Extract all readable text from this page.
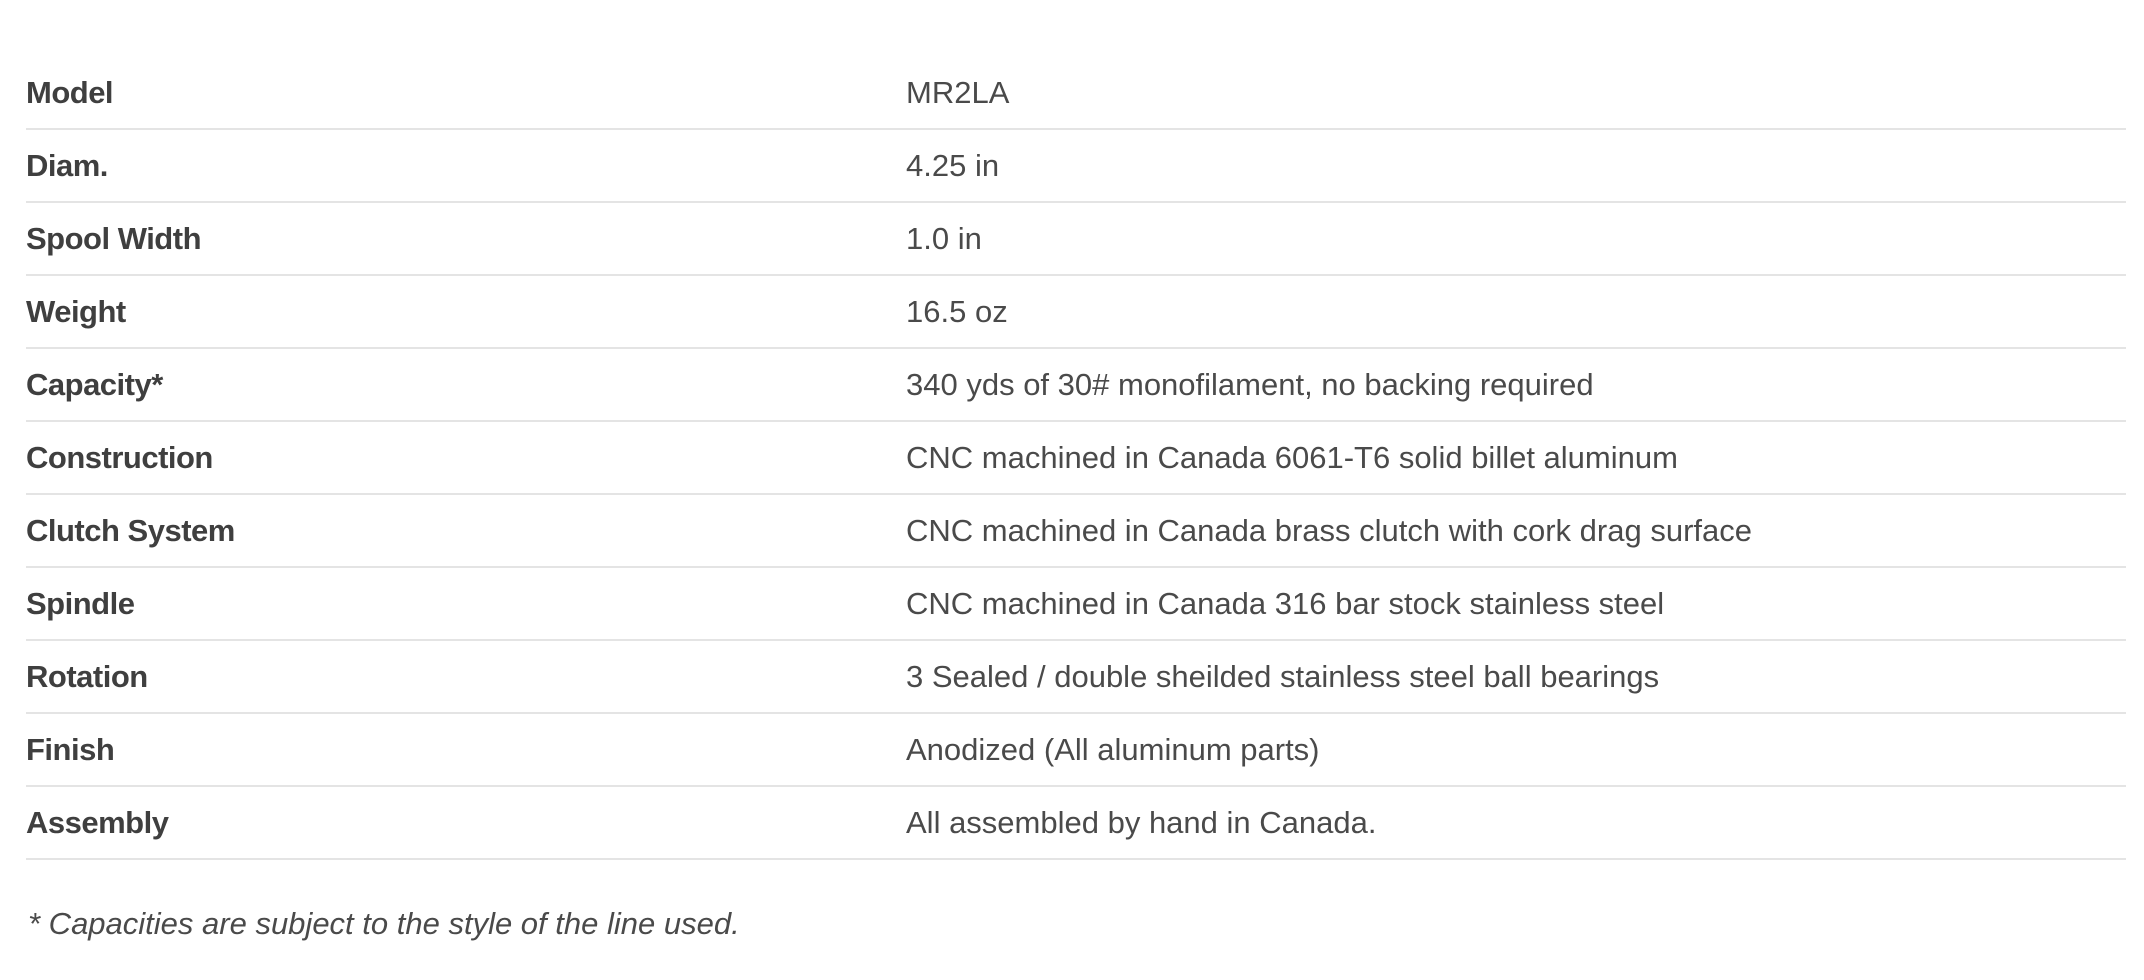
Model	MR2LA
Diam.	4.25 in
Spool Width	1.0 in
Weight	16.5 oz
Capacity*	340 yds of 30# monofilament, no backing required
Construction	CNC machined in Canada 6061-T6 solid billet aluminum
Clutch System	CNC machined in Canada brass clutch with cork drag surface
Spindle	CNC machined in Canada 316 bar stock stainless steel
Rotation	3 Sealed / double sheilded stainless steel ball bearings
Finish	Anodized (All aluminum parts)
Assembly	All assembled by hand in Canada.
* Capacities are subject to the style of the line used.
